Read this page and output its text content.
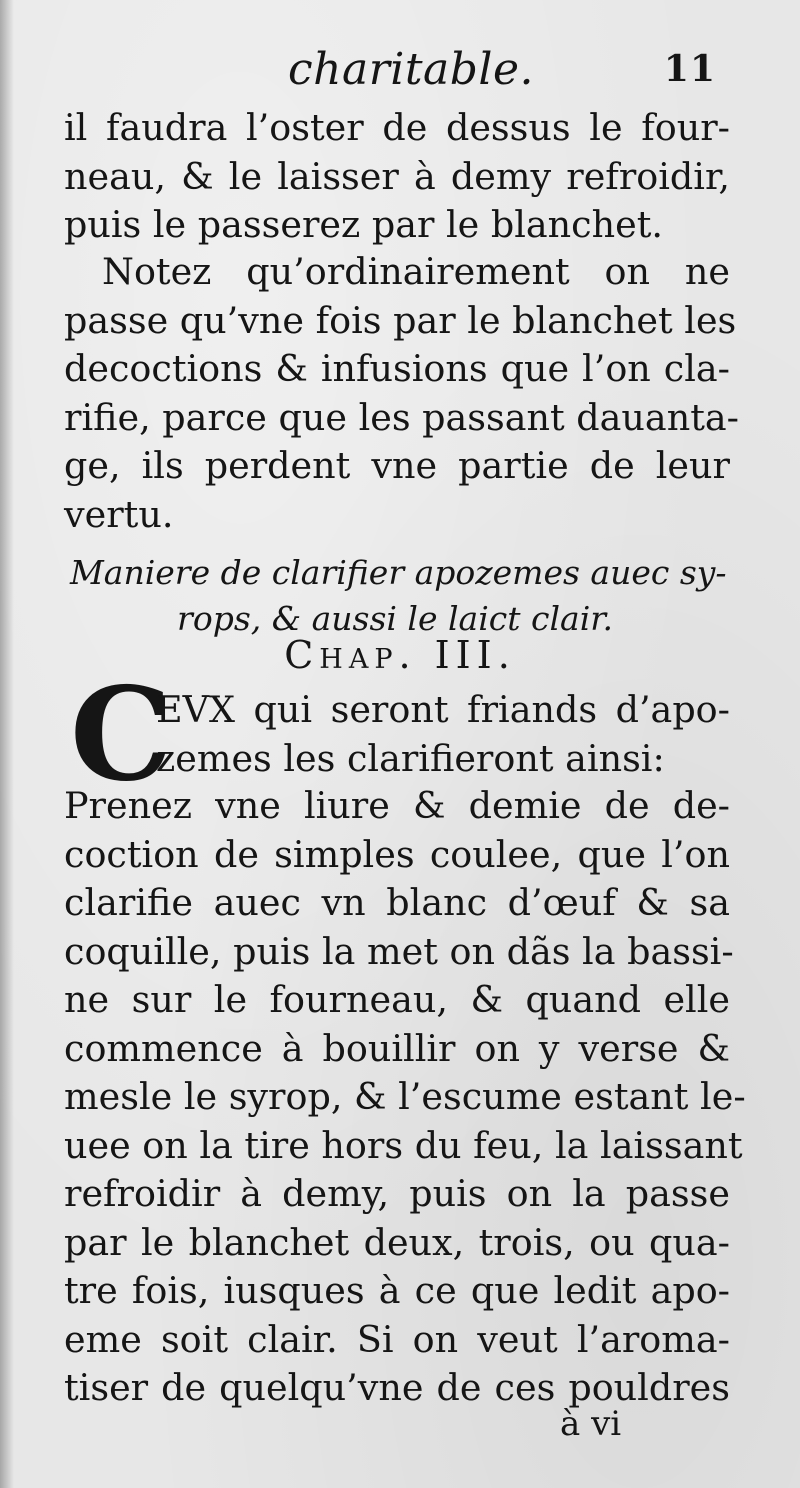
charitable.	11
il faudra l’oster de dessus le four-
neau, & le laisser à demy refroidir,
puis le passerez par le blanchet.
Notez qu’ordinairement on ne
passe qu’vne fois par le blanchet les
decoctions & infusions que l’on cla-
rifie, parce que les passant dauanta-
ge, ils perdent vne partie de leur
vertu.
Maniere de clarifier apozemes auec sy-
rops, & aussi le laict clair.
Chap. III.
C
EVX qui seront friands d’apo-
zemes les clarifieront ainsi:
Prenez vne liure & demie de de-
coction de simples coulee, que l’on
clarifie auec vn blanc d’œuf & sa
coquille, puis la met on dãs la bassi-
ne sur le fourneau, & quand elle
commence à bouillir on y verse &
mesle le syrop, & l’escume estant le-
uee on la tire hors du feu, la laissant
refroidir à demy, puis on la passe
par le blanchet deux, trois, ou qua-
tre fois, iusques à ce que ledit apo-
eme soit clair. Si on veut l’aroma-
tiser de quelqu’vne de ces pouldres
à vi
